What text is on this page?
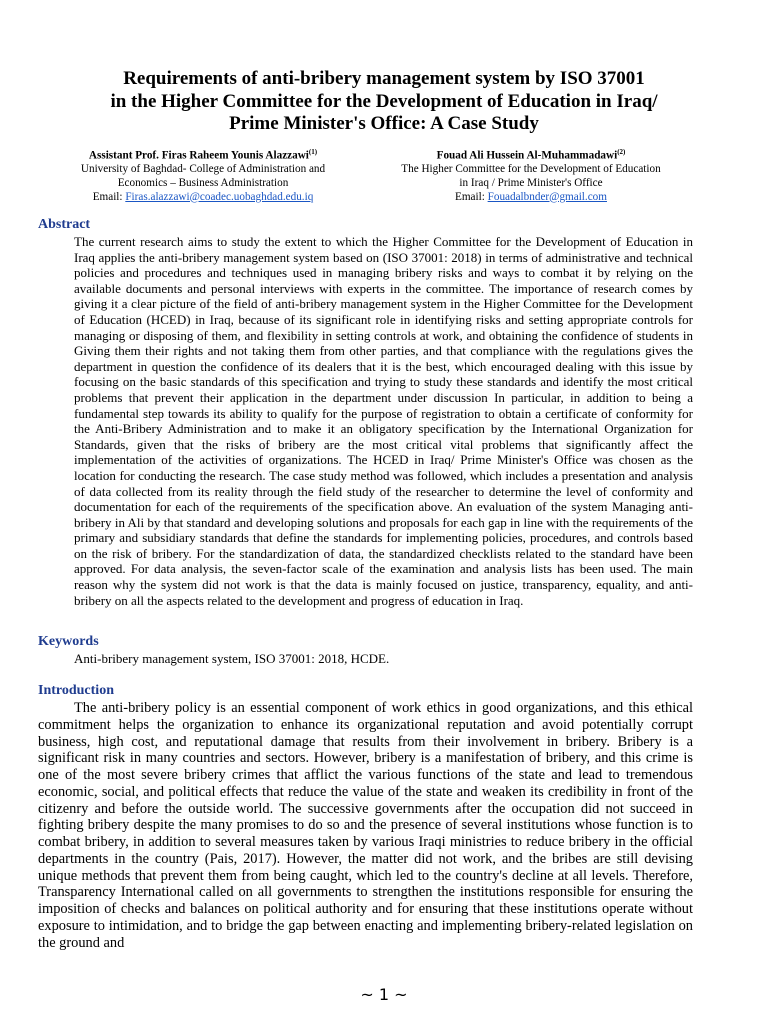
Requirements of anti-bribery management system by ISO 37001
in the Higher Committee for the Development of Education in Iraq/
Prime Minister's Office: A Case Study
Assistant Prof. Firas Raheem Younis Alazzawi$^{(1)}$
University of Baghdad- College of Administration and
Economics – Business Administration
Email: Firas.alazzawi@coadec.uobaghdad.edu.iq
Fouad Ali Hussein Al-Muhammadawi$^{(2)}$
The Higher Committee for the Development of Education
in Iraq / Prime Minister's Office
Email: Fouadalbnder@gmail.com
Abstract
The current research aims to study the extent to which the Higher Committee for the Development of Education in Iraq applies the anti-bribery management system based on (ISO 37001: 2018) in terms of administrative and technical policies and procedures and techniques used in managing bribery risks and ways to combat it by relying on the available documents and personal interviews with experts in the committee. The importance of research comes by giving it a clear picture of the field of anti-bribery management system in the Higher Committee for the Development of Education (HCED) in Iraq, because of its significant role in identifying risks and setting appropriate controls for managing or disposing of them, and flexibility in setting controls at work, and obtaining the confidence of students in Giving them their rights and not taking them from other parties, and that compliance with the regulations gives the department in question the confidence of its dealers that it is the best, which encouraged dealing with this issue by focusing on the basic standards of this specification and trying to study these standards and identify the most critical problems that prevent their application in the department under discussion In particular, in addition to being a fundamental step towards its ability to qualify for the purpose of registration to obtain a certificate of conformity for the Anti-Bribery Administration and to make it an obligatory specification by the International Organization for Standards, given that the risks of bribery are the most critical vital problems that significantly affect the implementation of the activities of organizations. The HCED in Iraq/ Prime Minister's Office was chosen as the location for conducting the research. The case study method was followed, which includes a presentation and analysis of data collected from its reality through the field study of the researcher to determine the level of conformity and documentation for each of the requirements of the specification above. An evaluation of the system Managing anti-bribery in Ali by that standard and developing solutions and proposals for each gap in line with the requirements of the primary and subsidiary standards that define the standards for implementing policies, procedures, and controls based on the risk of bribery. For the standardization of data, the standardized checklists related to the standard have been approved. For data analysis, the seven-factor scale of the examination and analysis lists has been used. The main reason why the system did not work is that the data is mainly focused on justice, transparency, equality, and anti-bribery on all the aspects related to the development and progress of education in Iraq.
Keywords
Anti-bribery management system, ISO 37001: 2018, HCDE.
Introduction
The anti-bribery policy is an essential component of work ethics in good organizations, and this ethical commitment helps the organization to enhance its organizational reputation and avoid potentially corrupt business, high cost, and reputational damage that results from their involvement in bribery. Bribery is a significant risk in many countries and sectors. However, bribery is a manifestation of bribery, and this crime is one of the most severe bribery crimes that afflict the various functions of the state and lead to tremendous economic, social, and political effects that reduce the value of the state and weaken its credibility in front of the citizenry and before the outside world. The successive governments after the occupation did not succeed in fighting bribery despite the many promises to do so and the presence of several institutions whose function is to combat bribery, in addition to several measures taken by various Iraqi ministries to reduce bribery in the official departments in the country (Pais, 2017). However, the matter did not work, and the bribes are still devising unique methods that prevent them from being caught, which led to the country's decline at all levels. Therefore, Transparency International called on all governments to strengthen the institutions responsible for ensuring the imposition of checks and balances on political authority and for ensuring that these institutions operate without exposure to intimidation, and to bridge the gap between enacting and implementing bribery-related legislation on the ground and
~ 1 ~
